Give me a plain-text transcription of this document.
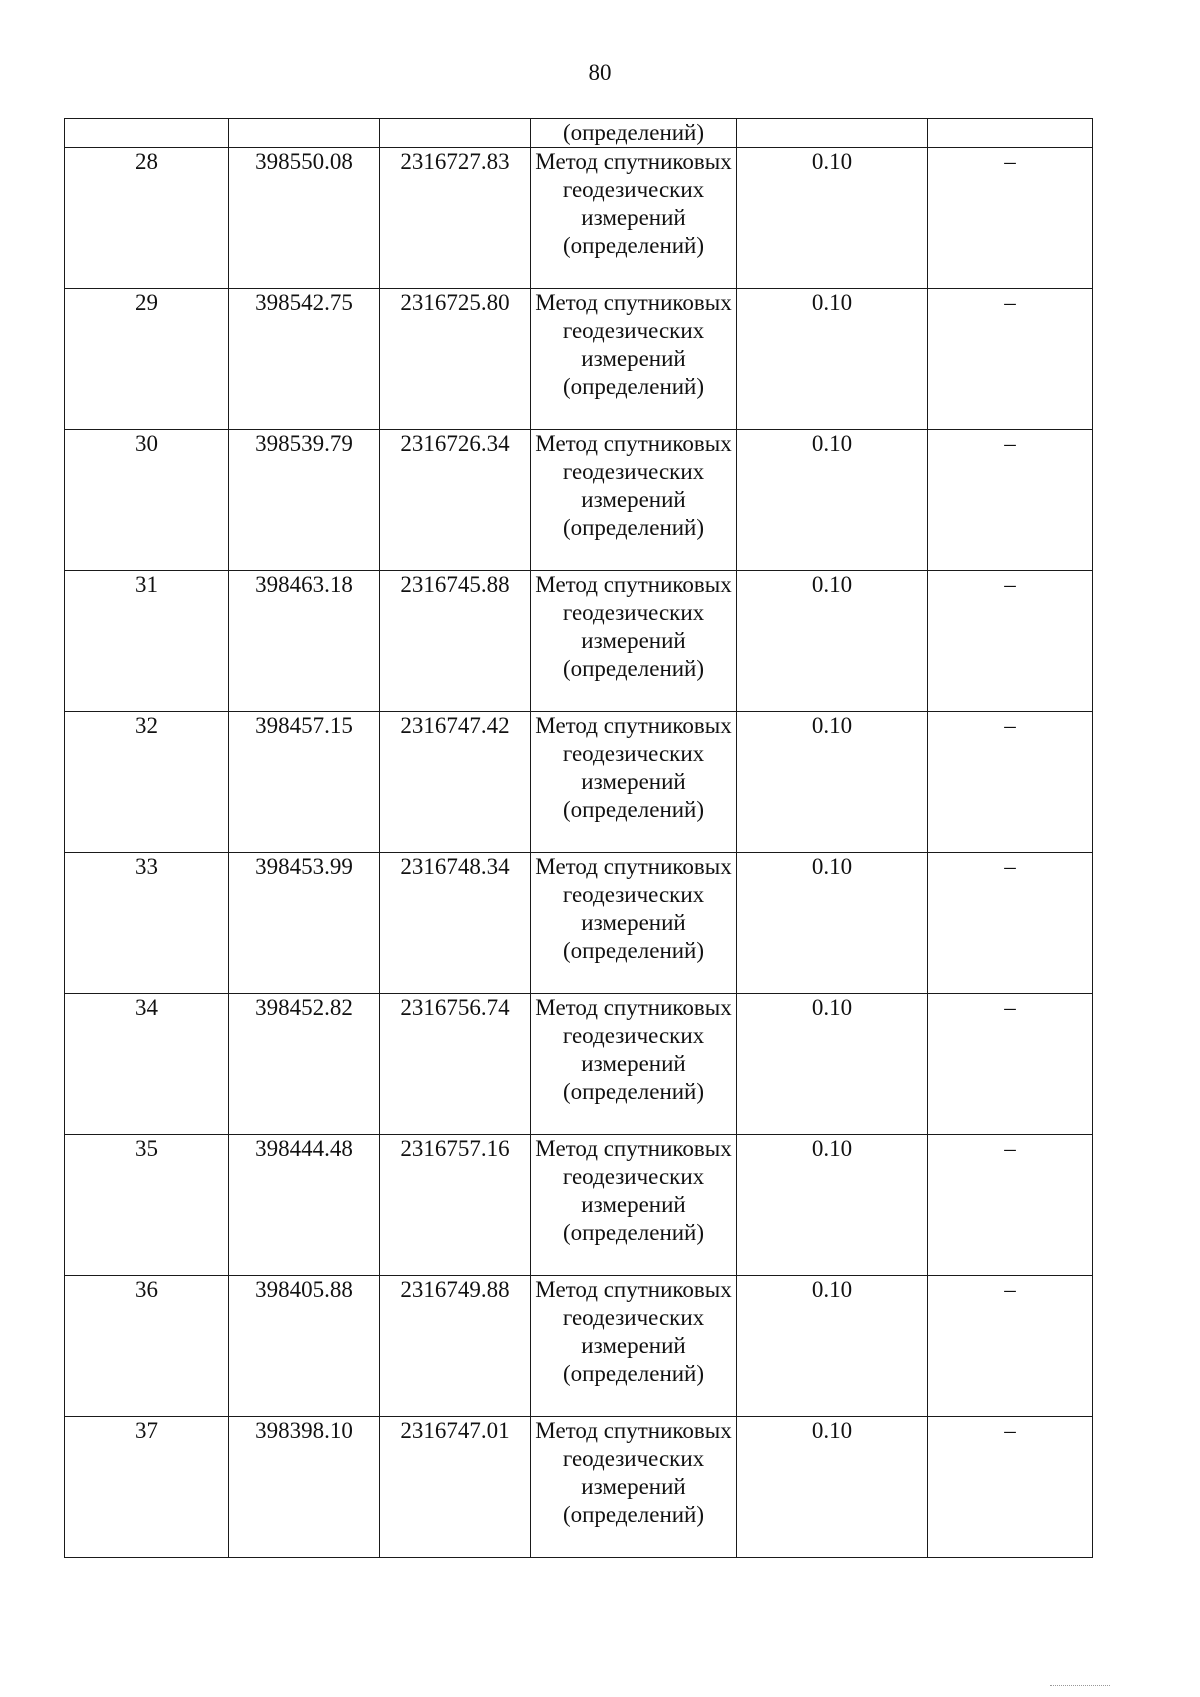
80
			(определений)		
28	398550.08	2316727.83	Метод спутниковых геодезических измерений (определений)	0.10	–
29	398542.75	2316725.80	Метод спутниковых геодезических измерений (определений)	0.10	–
30	398539.79	2316726.34	Метод спутниковых геодезических измерений (определений)	0.10	–
31	398463.18	2316745.88	Метод спутниковых геодезических измерений (определений)	0.10	–
32	398457.15	2316747.42	Метод спутниковых геодезических измерений (определений)	0.10	–
33	398453.99	2316748.34	Метод спутниковых геодезических измерений (определений)	0.10	–
34	398452.82	2316756.74	Метод спутниковых геодезических измерений (определений)	0.10	–
35	398444.48	2316757.16	Метод спутниковых геодезических измерений (определений)	0.10	–
36	398405.88	2316749.88	Метод спутниковых геодезических измерений (определений)	0.10	–
37	398398.10	2316747.01	Метод спутниковых геодезических измерений (определений)	0.10	–
